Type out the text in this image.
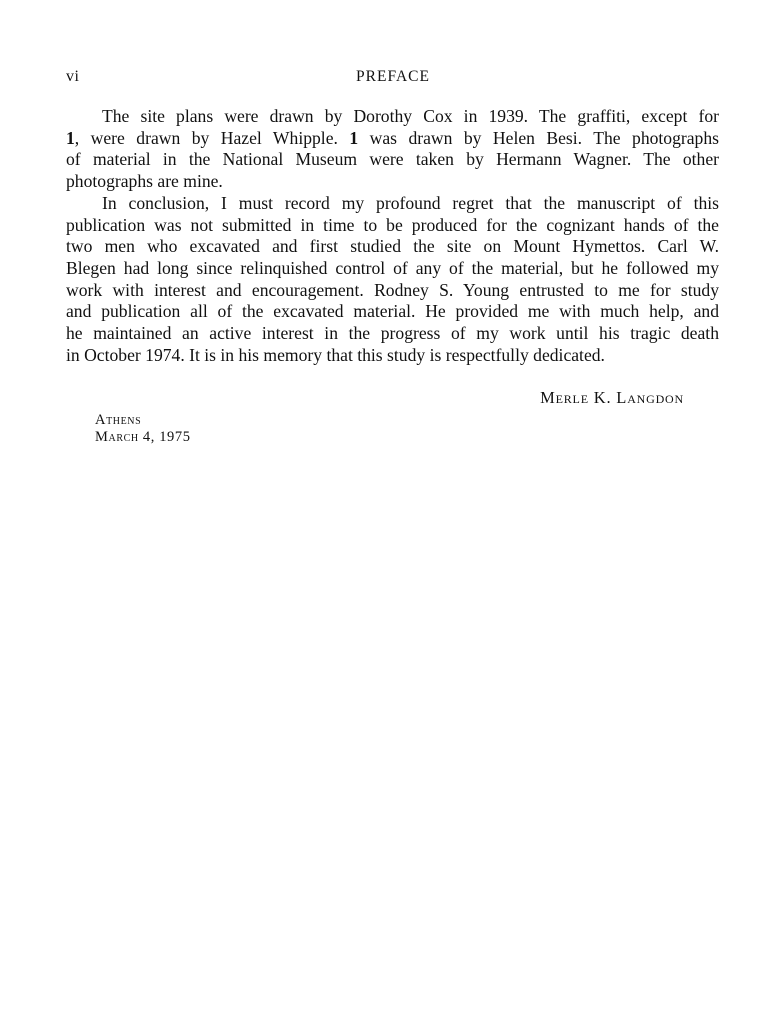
vi	PREFACE

The site plans were drawn by Dorothy Cox in 1939. The graffiti, except for
1, were drawn by Hazel Whipple. 1 was drawn by Helen Besi. The photographs
of material in the National Museum were taken by Hermann Wagner. The other
photographs are mine.

In conclusion, I must record my profound regret that the manuscript of this
publication was not submitted in time to be produced for the cognizant hands of the
two men who excavated and first studied the site on Mount Hymettos. Carl W.
Blegen had long since relinquished control of any of the material, but he followed my
work with interest and encouragement. Rodney S. Young entrusted to me for study
and publication all of the excavated material. He provided me with much help, and
he maintained an active interest in the progress of my work until his tragic death
in October 1974. It is in his memory that this study is respectfully dedicated.

Merle K. Langdon
Athens
March 4, 1975
